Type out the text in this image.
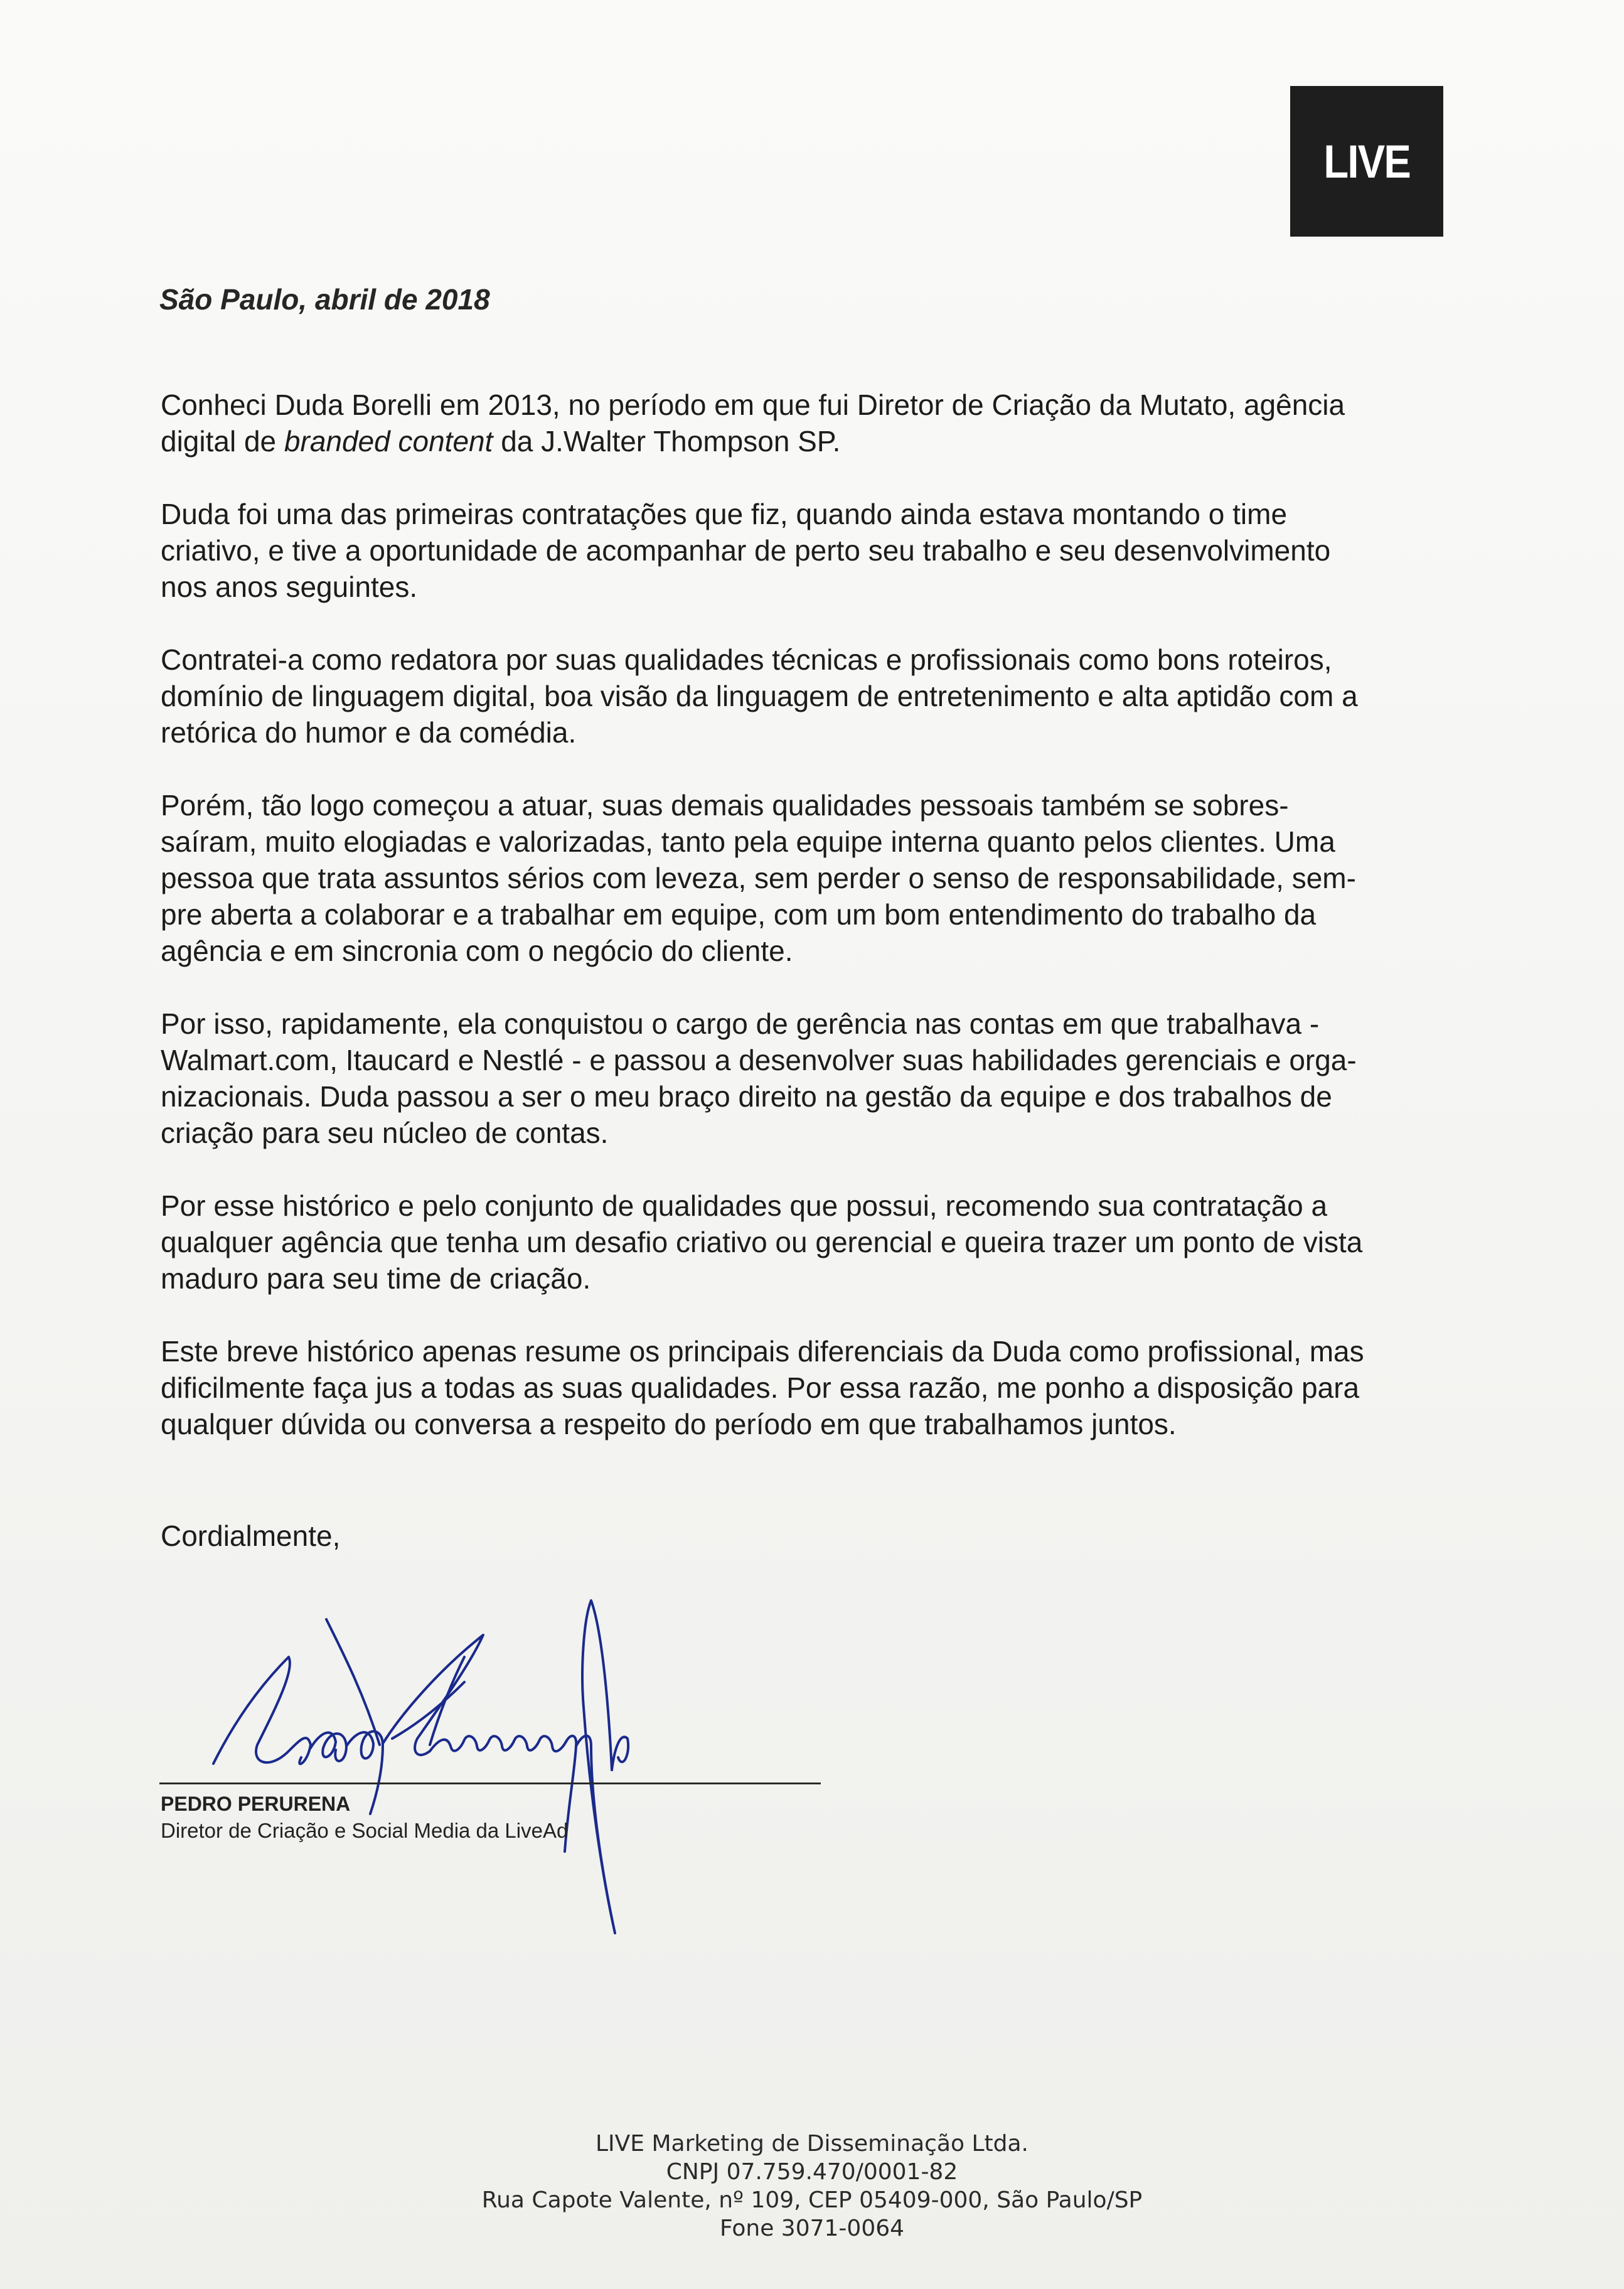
LIVE

São Paulo, abril de 2018

Conheci Duda Borelli em 2013, no período em que fui Diretor de Criação da Mutato, agência
digital de branded content da J.Walter Thompson SP.

Duda foi uma das primeiras contratações que fiz, quando ainda estava montando o time
criativo, e tive a oportunidade de acompanhar de perto seu trabalho e seu desenvolvimento
nos anos seguintes.

Contratei-a como redatora por suas qualidades técnicas e profissionais como bons roteiros,
domínio de linguagem digital, boa visão da linguagem de entretenimento e alta aptidão com a
retórica do humor e da comédia.

Porém, tão logo começou a atuar, suas demais qualidades pessoais também se sobres-
saíram, muito elogiadas e valorizadas, tanto pela equipe interna quanto pelos clientes. Uma
pessoa que trata assuntos sérios com leveza, sem perder o senso de responsabilidade, sem-
pre aberta a colaborar e a trabalhar em equipe, com um bom entendimento do trabalho da
agência e em sincronia com o negócio do cliente.

Por isso, rapidamente, ela conquistou o cargo de gerência nas contas em que trabalhava -
Walmart.com, Itaucard e Nestlé - e passou a desenvolver suas habilidades gerenciais e orga-
nizacionais. Duda passou a ser o meu braço direito na gestão da equipe e dos trabalhos de
criação para seu núcleo de contas.

Por esse histórico e pelo conjunto de qualidades que possui, recomendo sua contratação a
qualquer agência que tenha um desafio criativo ou gerencial e queira trazer um ponto de vista
maduro para seu time de criação.

Este breve histórico apenas resume os principais diferenciais da Duda como profissional, mas
dificilmente faça jus a todas as suas qualidades. Por essa razão, me ponho a disposição para
qualquer dúvida ou conversa a respeito do período em que trabalhamos juntos.

Cordialmente,

PEDRO PERURENA

Diretor de Criação e Social Media da LiveAd

LIVE Marketing de Disseminação Ltda.
CNPJ 07.759.470/0001-82
Rua Capote Valente, nº 109, CEP 05409-000, São Paulo/SP
Fone 3071-0064
